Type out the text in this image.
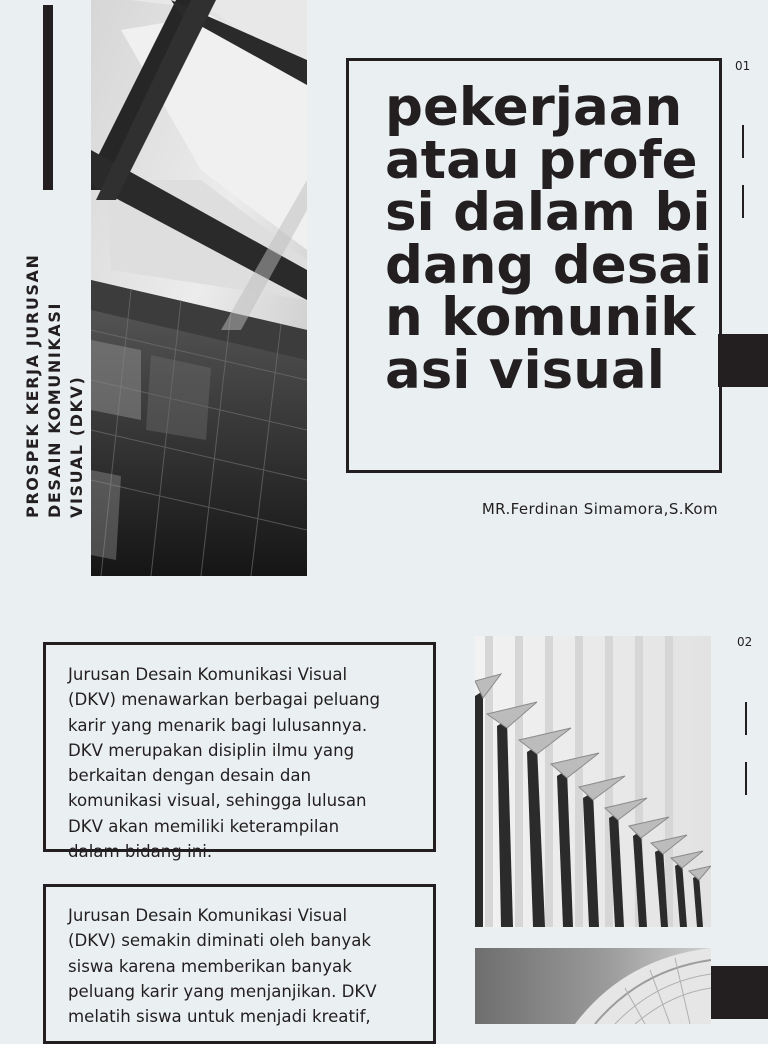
PROSPEK KERJA JURUSAN DESAIN KOMUNIKASI VISUAL (DKV)
pekerjaan atau profesi dalam bidang desain komunikasi visual
MR.Ferdinan Simamora,S.Kom
01
Jurusan Desain Komunikasi Visual
(DKV) menawarkan berbagai peluang
karir yang menarik bagi lulusannya.
DKV merupakan disiplin ilmu yang
berkaitan dengan desain dan
komunikasi visual, sehingga lulusan
DKV akan memiliki keterampilan
dalam bidang ini.
Jurusan Desain Komunikasi Visual
(DKV) semakin diminati oleh banyak
siswa karena memberikan banyak
peluang karir yang menjanjikan. DKV
melatih siswa untuk menjadi kreatif,
02
